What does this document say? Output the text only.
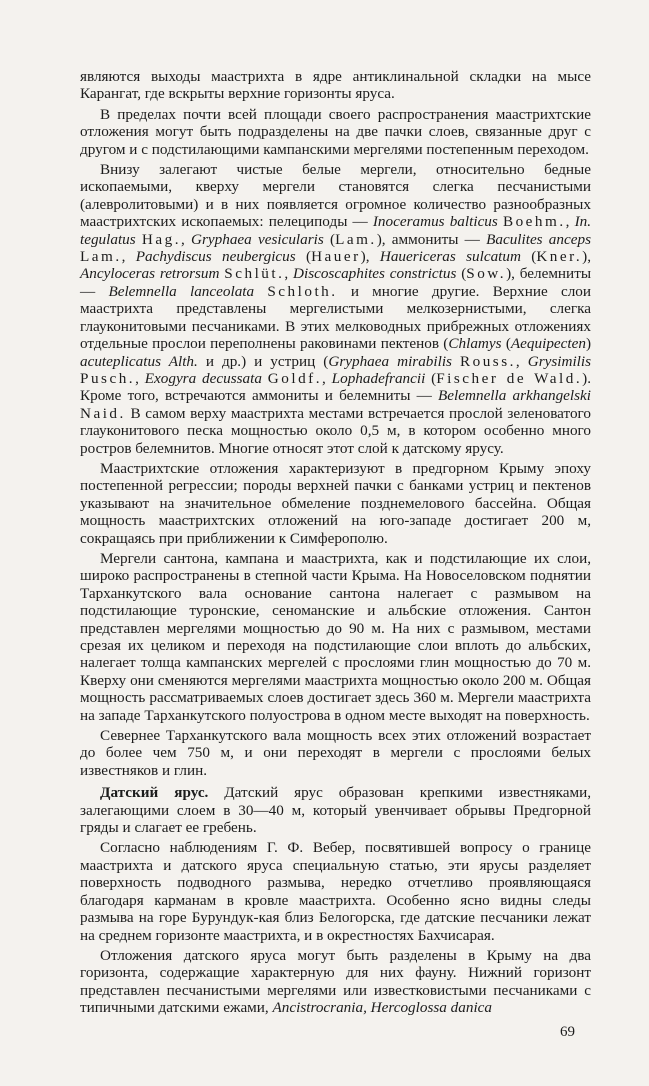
являются выходы маастрихта в ядре антиклинальной складки на мысе Карангат, где вскрыты верхние горизонты яруса.

В пределах почти всей площади своего распространения маастрихтские отложения могут быть подразделены на две пачки слоев, связанные друг с другом и с подстилающими кампанскими мергелями постепенным переходом.

Внизу залегают чистые белые мергели, относительно бедные ископаемыми, кверху мергели становятся слегка песчанистыми (алевролитовыми) и в них появляется огромное количество разнообразных маастрихтских ископаемых: пелециподы — Inoceramus balticus Boehm., In. tegulatus Hag., Gryphaea vesicularis (Lam.), аммониты — Baculites anceps Lam., Pachydiscus neubergicus (Hauer), Hauericeras sulcatum (Kner.), Ancyloceras retrorsum Schlüt., Discoscaphites constrictus (Sow.), белемниты — Belemnella lanceolata Schloth. и многие другие. Верхние слои маастрихта представлены мергелистыми мелкозернистыми, слегка глауконитовыми песчаниками. В этих мелководных прибрежных отложениях отдельные прослои переполнены раковинами пектенов (Chlamys (Aequipecten) acuteplicatus Alth. и др.) и устриц (Gryphaea mirabilis Rouss., Grysimilis Pusch., Exogyra decussata Goldf., Lophadefrancii (Fischer de Wald.). Кроме того, встречаются аммониты и белемниты — Belemnella arkhangelski Naid. В самом верху маастрихта местами встречается прослой зеленоватого глауконитового песка мощностью около 0,5 м, в котором особенно много ростров белемнитов. Многие относят этот слой к датскому ярусу.

Маастрихтские отложения характеризуют в предгорном Крыму эпоху постепенной регрессии; породы верхней пачки с банками устриц и пектенов указывают на значительное обмеление позднемелового бассейна. Общая мощность маастрихтских отложений на юго-западе достигает 200 м, сокращаясь при приближении к Симферополю.

Мергели сантона, кампана и маастрихта, как и подстилающие их слои, широко распространены в степной части Крыма. На Новоселовском поднятии Тарханкутского вала основание сантона налегает с размывом на подстилающие туронские, сеноманские и альбские отложения. Сантон представлен мергелями мощностью до 90 м. На них с размывом, местами срезая их целиком и переходя на подстилающие слои вплоть до альбских, налегает толща кампанских мергелей с прослоями глин мощностью до 70 м. Кверху они сменяются мергелями маастрихта мощностью около 200 м. Общая мощность рассматриваемых слоев достигает здесь 360 м. Мергели маастрихта на западе Тарханкутского полуострова в одном месте выходят на поверхность.

Севернее Тарханкутского вала мощность всех этих отложений возрастает до более чем 750 м, и они переходят в мергели с прослоями белых известняков и глин.

Датский ярус. Датский ярус образован крепкими известняками, залегающими слоем в 30—40 м, который увенчивает обрывы Предгорной гряды и слагает ее гребень.

Согласно наблюдениям Г. Ф. Вебер, посвятившей вопросу о границе маастрихта и датского яруса специальную статью, эти ярусы разделяет поверхность подводного размыва, нередко отчетливо проявляющаяся благодаря карманам в кровле маастрихта. Особенно ясно видны следы размыва на горе Бурундук-кая близ Белогорска, где датские песчаники лежат на среднем горизонте маастрихта, и в окрестностях Бахчисарая.

Отложения датского яруса могут быть разделены в Крыму на два горизонта, содержащие характерную для них фауну. Нижний горизонт представлен песчанистыми мергелями или известковистыми песчаниками с типичными датскими ежами, Ancistrocrania, Hercoglossa danica

69
